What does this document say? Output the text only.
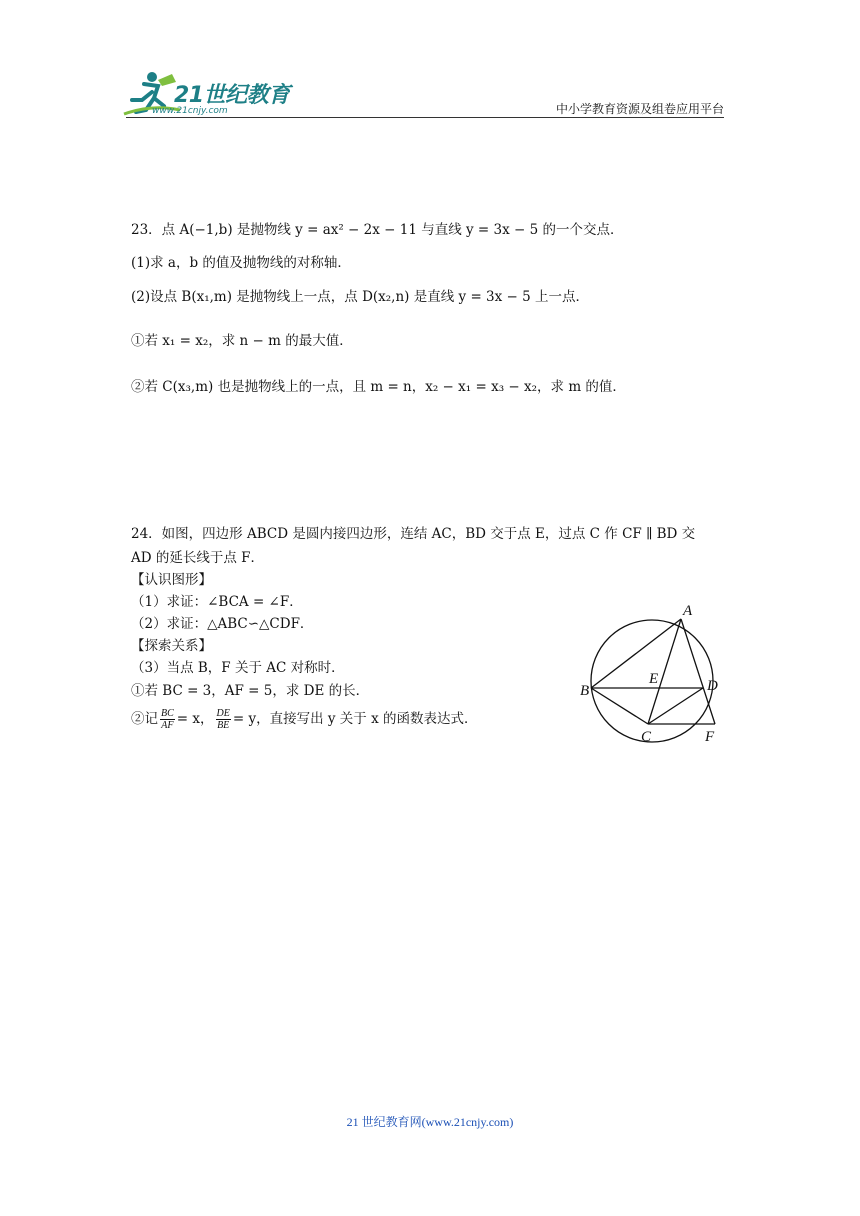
21世纪教育
www.21cnjy.com	中小学教育资源及组卷应用平台
23．点 A(−1,b) 是抛物线 y = ax² − 2x − 11 与直线 y = 3x − 5 的一个交点．
(1)求 a，b 的值及抛物线的对称轴．
(2)设点 B(x₁,m) 是抛物线上一点，点 D(x₂,n) 是直线 y = 3x − 5 上一点．
①若 x₁ = x₂，求 n − m 的最大值．
②若 C(x₃,m) 也是抛物线上的一点，且 m = n，x₂ − x₁ = x₃ − x₂，求 m 的值．
24．如图，四边形 ABCD 是圆内接四边形，连结 AC，BD 交于点 E，过点 C 作 CF ∥ BD 交
AD 的延长线于点 F．
【认识图形】
（1）求证：∠BCA = ∠F．
（2）求证：△ABC∽△CDF．
【探索关系】
（3）当点 B，F 关于 AC 对称时．
①若 BC = 3，AF = 5，求 DE 的长．
②记 $\frac{BC}{AF} = x$， $\frac{DE}{BE} = y$，直接写出 y 关于 x 的函数表达式．
A
B
C
D
E
F
21 世纪教育网(www.21cnjy.com)
